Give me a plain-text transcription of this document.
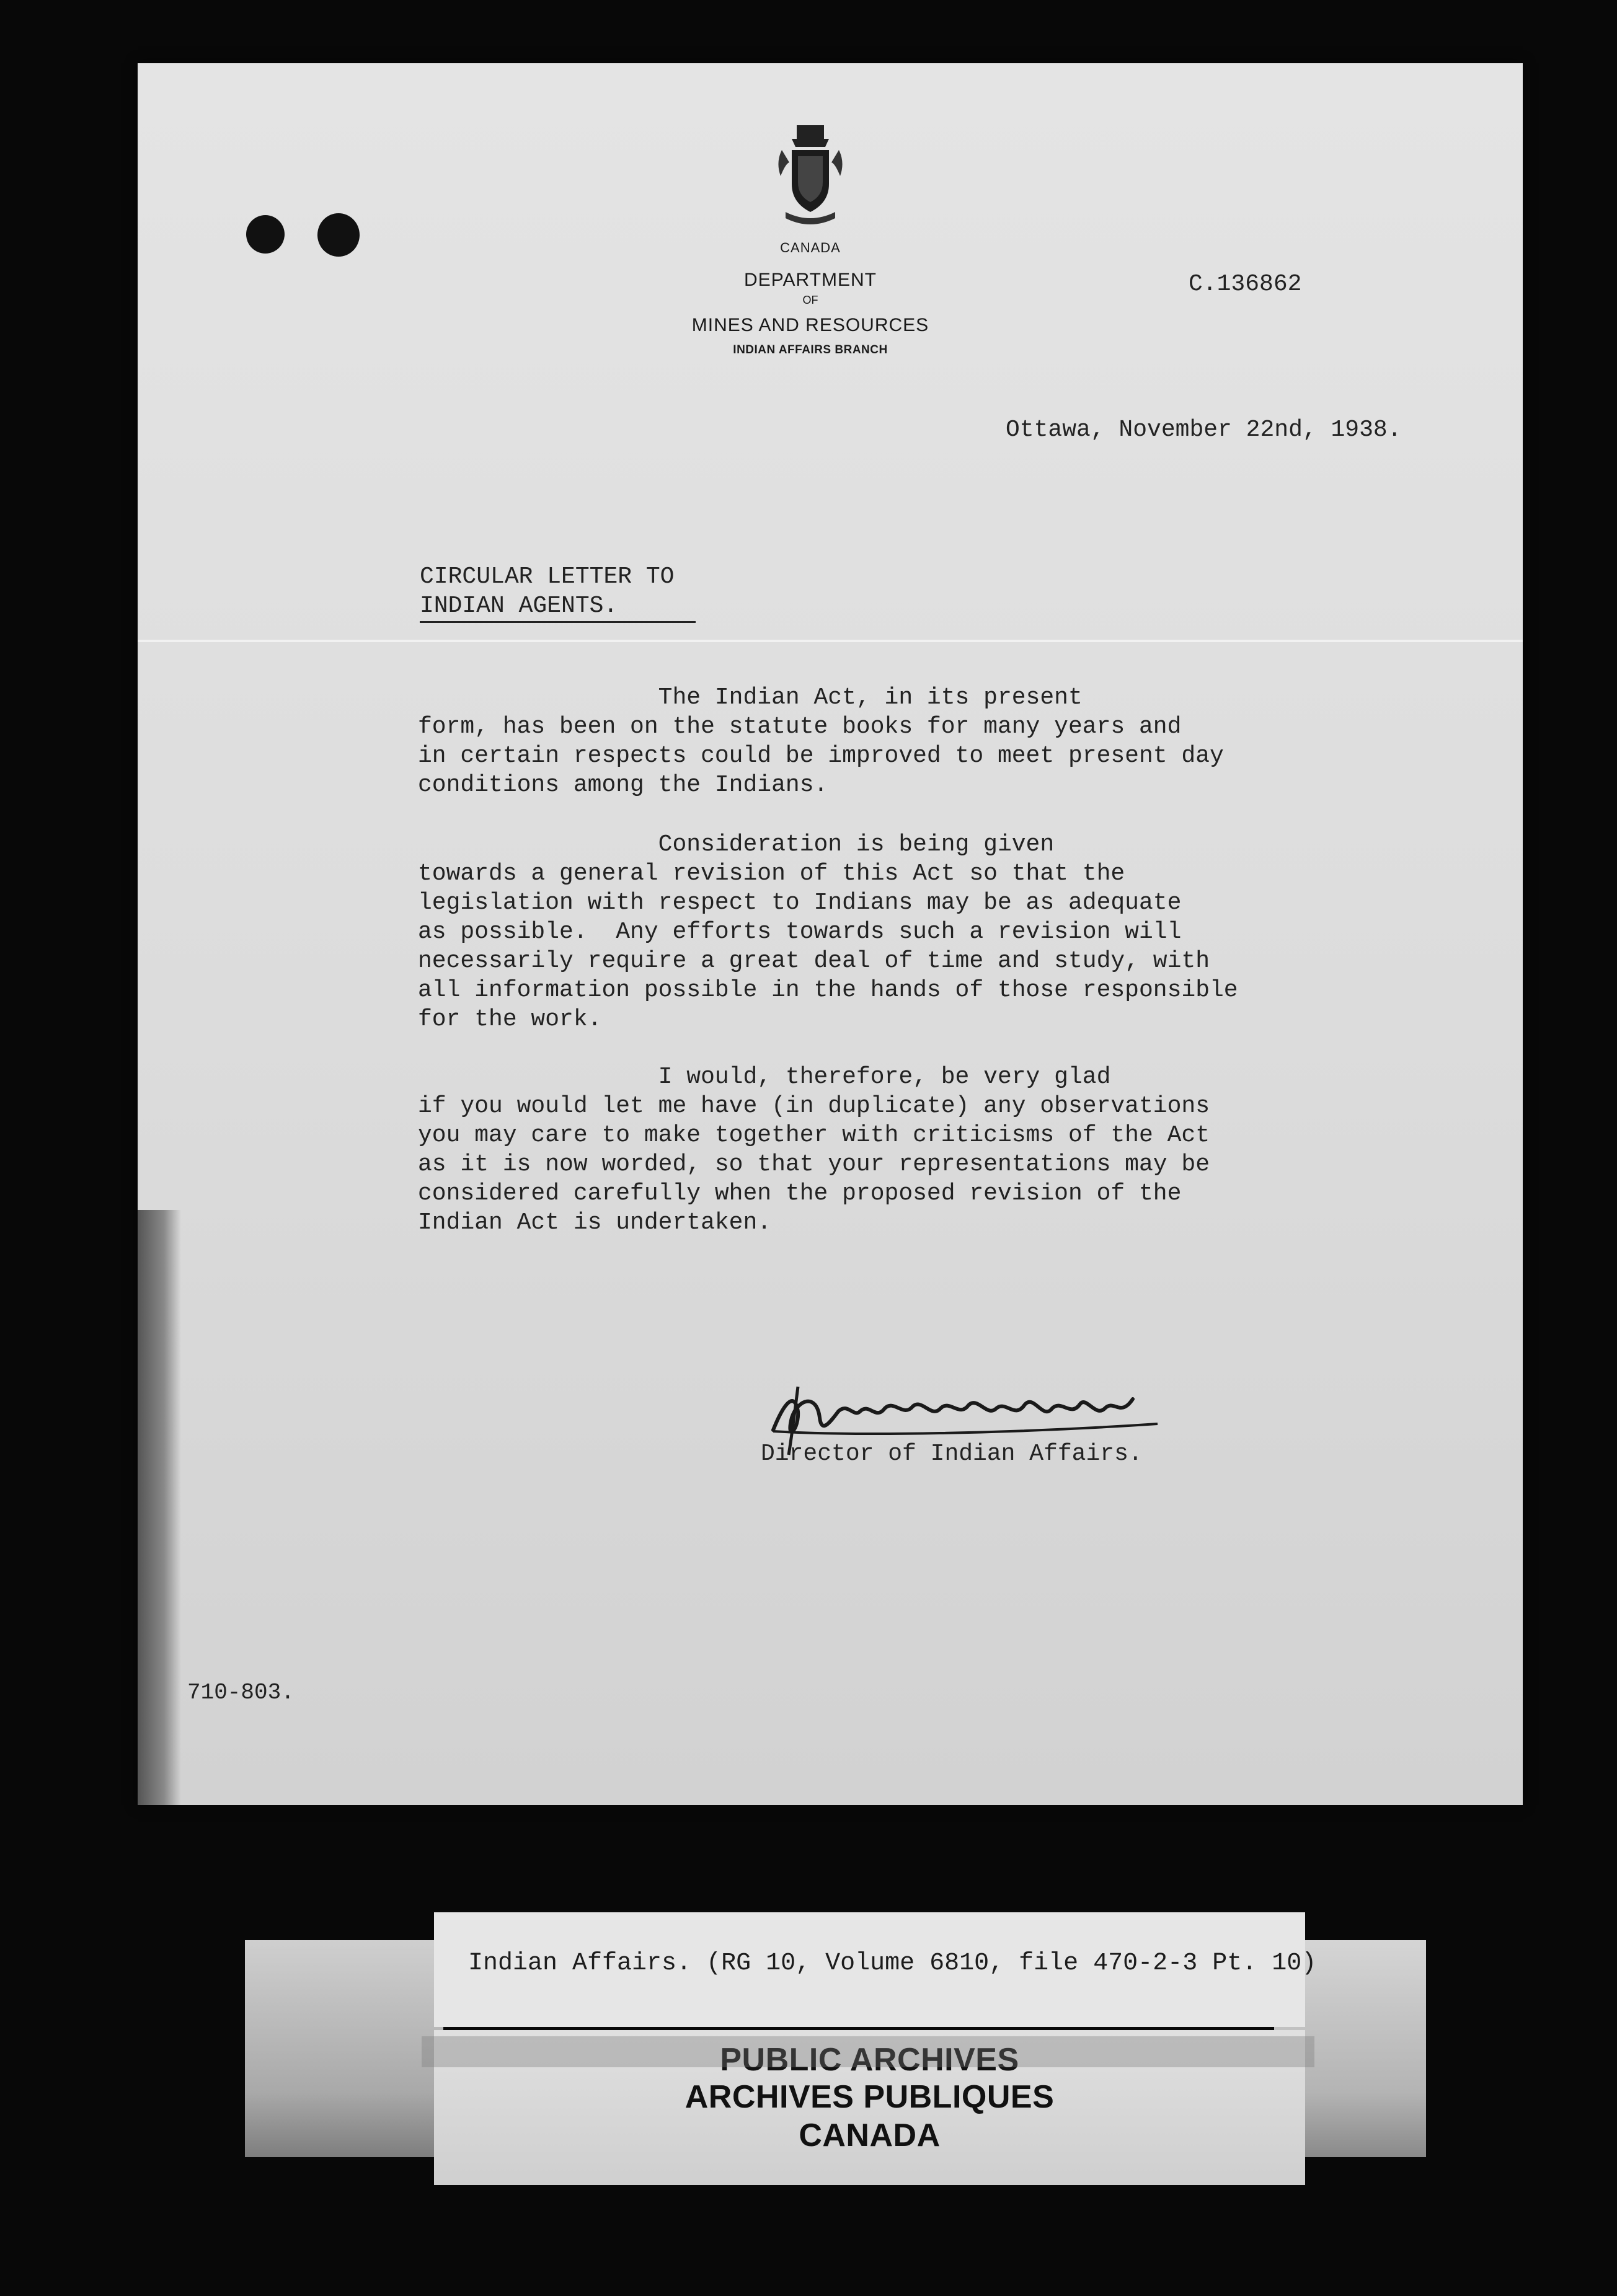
CANADA
DEPARTMENT
OF
MINES AND RESOURCES
INDIAN AFFAIRS BRANCH
C.136862
Ottawa, November 22nd, 1938.
CIRCULAR LETTER TO
INDIAN AGENTS.
The Indian Act, in its present
form, has been on the statute books for many years and
in certain respects could be improved to meet present day
conditions among the Indians.
Consideration is being given
towards a general revision of this Act so that the
legislation with respect to Indians may be as adequate
as possible.  Any efforts towards such a revision will
necessarily require a great deal of time and study, with
all information possible in the hands of those responsible
for the work.
I would, therefore, be very glad
if you would let me have (in duplicate) any observations
you may care to make together with criticisms of the Act
as it is now worded, so that your representations may be
considered carefully when the proposed revision of the
Indian Act is undertaken.
Director of Indian Affairs.
710-803.
Indian Affairs. (RG 10, Volume 6810, file 470-2-3 Pt. 10)
PUBLIC ARCHIVES
ARCHIVES PUBLIQUES
CANADA
